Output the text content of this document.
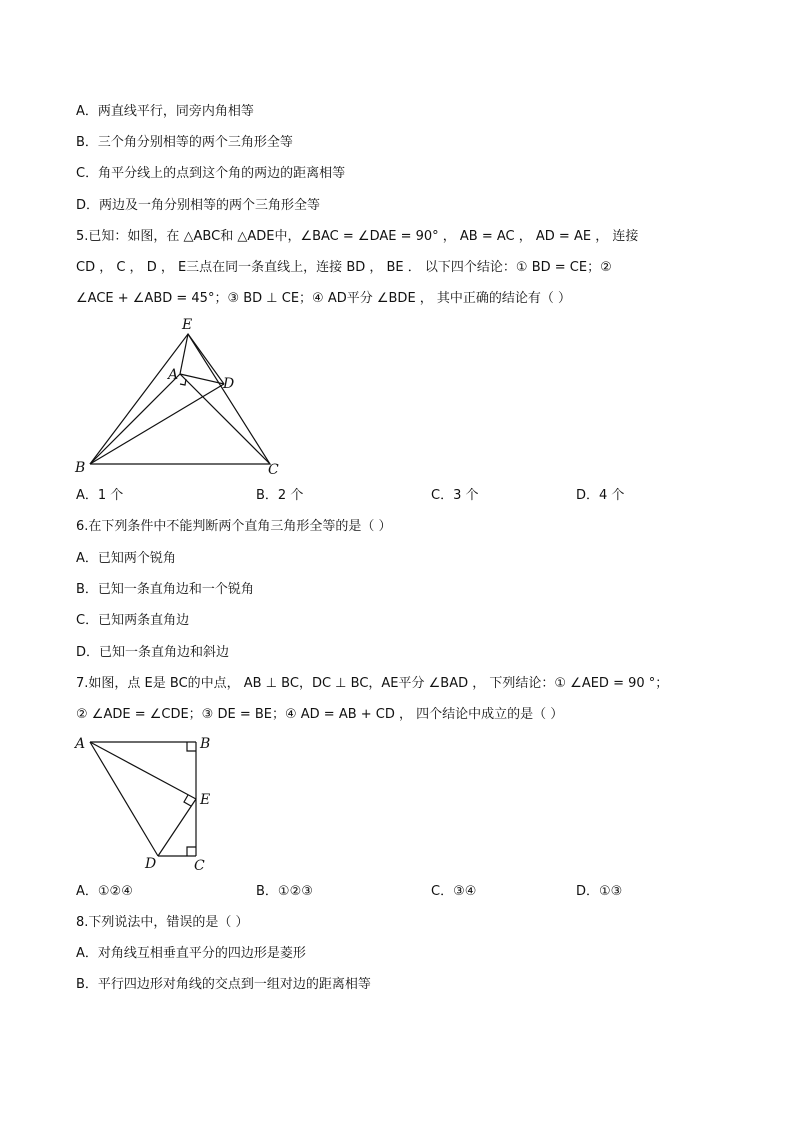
A．两直线平行，同旁内角相等
B．三个角分别相等的两个三角形全等
C．角平分线上的点到这个角的两边的距离相等
D．两边及一角分别相等的两个三角形全等
5.已知：如图，在 △ABC和 △ADE中，∠BAC = ∠DAE = 90° ， AB = AC ， AD = AE ， 连接
CD ， C ， D ， E三点在同一条直线上，连接 BD ， BE ． 以下四个结论：① BD = CE；②
∠ACE + ∠ABD = 45°；③ BD ⊥ CE；④ AD平分 ∠BDE ， 其中正确的结论有（ ）
E
A
D
B	C
A．1 个	B．2 个	C．3 个	D．4 个
6.在下列条件中不能判断两个直角三角形全等的是（ ）
A．已知两个锐角
B．已知一条直角边和一个锐角
C．已知两条直角边
D．已知一条直角边和斜边
7.如图，点 E是 BC的中点， AB ⊥ BC，DC ⊥ BC，AE平分 ∠BAD ， 下列结论：① ∠AED = 90 °；
② ∠ADE = ∠CDE；③ DE = BE；④ AD = AB + CD ， 四个结论中成立的是（ ）
A	B
E
D	C
A．①②④	B．①②③	C．③④	D．①③
8.下列说法中，错误的是（ ）
A．对角线互相垂直平分的四边形是菱形
B．平行四边形对角线的交点到一组对边的距离相等
